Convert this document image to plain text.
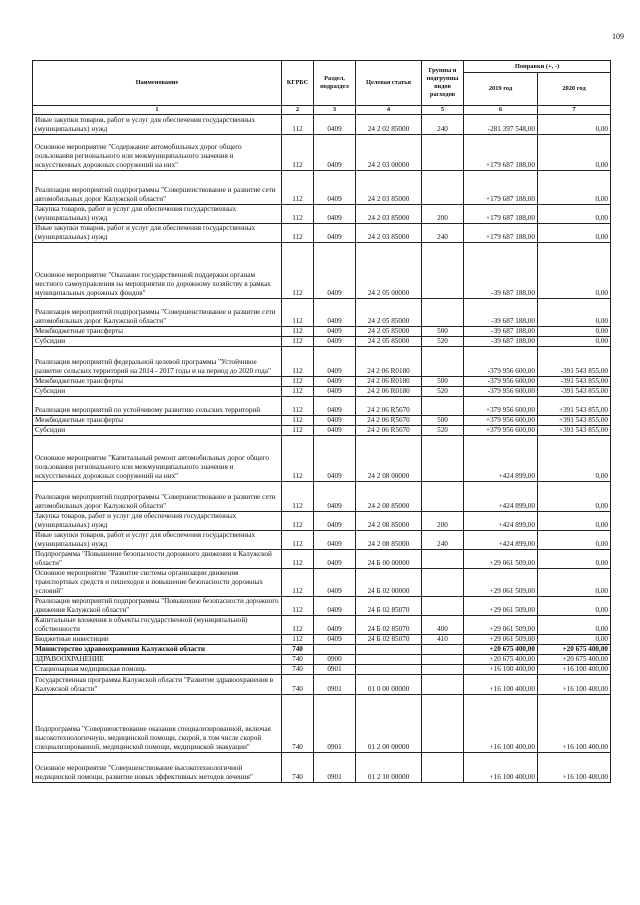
109
Наименование	КГРБС	Раздел, подраздел	Целевая статья	Группы и подгруппы видов расходов	Поправки (+, -)	
					2019 год	2020 год
1	2	3	4	5	6	7
Иные закупки товаров, работ и услуг для обеспечения государственных (муниципальных) нужд	112	0409	24 2 02 85000	240	-281 397 548,00	0,00
Основное мероприятие "Содержание автомобильных дорог общего пользования регионального или межмуниципального значения и искусственных дорожных сооружений на них"	112	0409	24 2 03 00000		+179 687 188,00	0,00
Реализация мероприятий подпрограммы "Совершенствование и развитие сети автомобильных дорог Калужской области"	112	0409	24 2 03 85000		+179 687 188,00	0,00
Закупка товаров, работ и услуг для обеспечения государственных (муниципальных) нужд	112	0409	24 2 03 85000	200	+179 687 188,00	0,00
Иные закупки товаров, работ и услуг для обеспечения государственных (муниципальных) нужд	112	0409	24 2 03 85000	240	+179 687 188,00	0,00
Основное мероприятие "Оказание государственной поддержки органам местного самоуправления на мероприятия по дорожному хозяйству в рамках муниципальных дорожных фондов"	112	0409	24 2 05 00000		-39 687 188,00	0,00
Реализация мероприятий подпрограммы "Совершенствование и развитие сети автомобильных дорог Калужской области"	112	0409	24 2 05 85000		-39 687 188,00	0,00
Межбюджетные трансферты	112	0409	24 2 05 85000	500	-39 687 188,00	0,00
Субсидии	112	0409	24 2 05 85000	520	-39 687 188,00	0,00
Реализация мероприятий федеральной целевой программы "Устойчивое развитие сельских территорий на 2014 - 2017 годы и на период до 2020 года"	112	0409	24 2 06 R0180		-379 956 600,00	-391 543 855,00
Межбюджетные трансферты	112	0409	24 2 06 R0180	500	-379 956 600,00	-391 543 855,00
Субсидии	112	0409	24 2 06 R0180	520	-379 956 600,00	-391 543 855,00
Реализация мероприятий по устойчивому развитию сельских территорий	112	0409	24 2 06 R5670		+379 956 600,00	+391 543 855,00
Межбюджетные трансферты	112	0409	24 2 06 R5670	500	+379 956 600,00	+391 543 855,00
Субсидии	112	0409	24 2 06 R5670	520	+379 956 600,00	+391 543 855,00
Основное мероприятие "Капитальный ремонт автомобильных дорог общего пользования регионального или межмуниципального значения и искусственных дорожных сооружений на них"	112	0409	24 2 08 00000		+424 899,00	0,00
Реализация мероприятий подпрограммы "Совершенствование и развитие сети автомобильных дорог Калужской области"	112	0409	24 2 08 85000		+424 899,00	0,00
Закупка товаров, работ и услуг для обеспечения государственных (муниципальных) нужд	112	0409	24 2 08 85000	200	+424 899,00	0,00
Иные закупки товаров, работ и услуг для обеспечения государственных (муниципальных) нужд	112	0409	24 2 08 85000	240	+424 899,00	0,00
Подпрограмма "Повышение безопасности дорожного движения в Калужской области"	112	0409	24 Б 00 00000		+29 061 509,00	0,00
Основное мероприятие "Развитие системы организации движения транспортных средств и пешеходов и повышение безопасности дорожных условий"	112	0409	24 Б 02 00000		+29 061 509,00	0,00
Реализация мероприятий подпрограммы "Повышение безопасности дорожного движения Калужской области"	112	0409	24 Б 02 85070		+29 061 509,00	0,00
Капитальные вложения в объекты государственной (муниципальной) собственности	112	0409	24 Б 02 85070	400	+29 061 509,00	0,00
Бюджетные инвестиции	112	0409	24 Б 02 85070	410	+29 061 509,00	0,00
Министерство здравоохранения Калужской области	740				+20 675 400,00	+20 675 400,00
ЗДРАВООХРАНЕНИЕ	740	0900			+20 675 400,00	+20 675 400,00
Стационарная медицинская помощь	740	0901			+16 100 400,00	+16 100 400,00
Государственная программа Калужской области "Развитие здравоохранения в Калужской области"	740	0901	01 0 00 00000		+16 100 400,00	+16 100 400,00
Подпрограмма "Совершенствование оказания специализированной, включая высокотехнологичную, медицинской помощи, скорой, в том числе скорой специализированной, медицинской помощи, медицинской эвакуации"	740	0901	01 2 00 00000		+16 100 400,00	+16 100 400,00
Основное мероприятие "Совершенствование высокотехнологичной медицинской помощи, развитие новых эффективных методов лечения"	740	0901	01 2 10 00000		+16 100 400,00	+16 100 400,00
